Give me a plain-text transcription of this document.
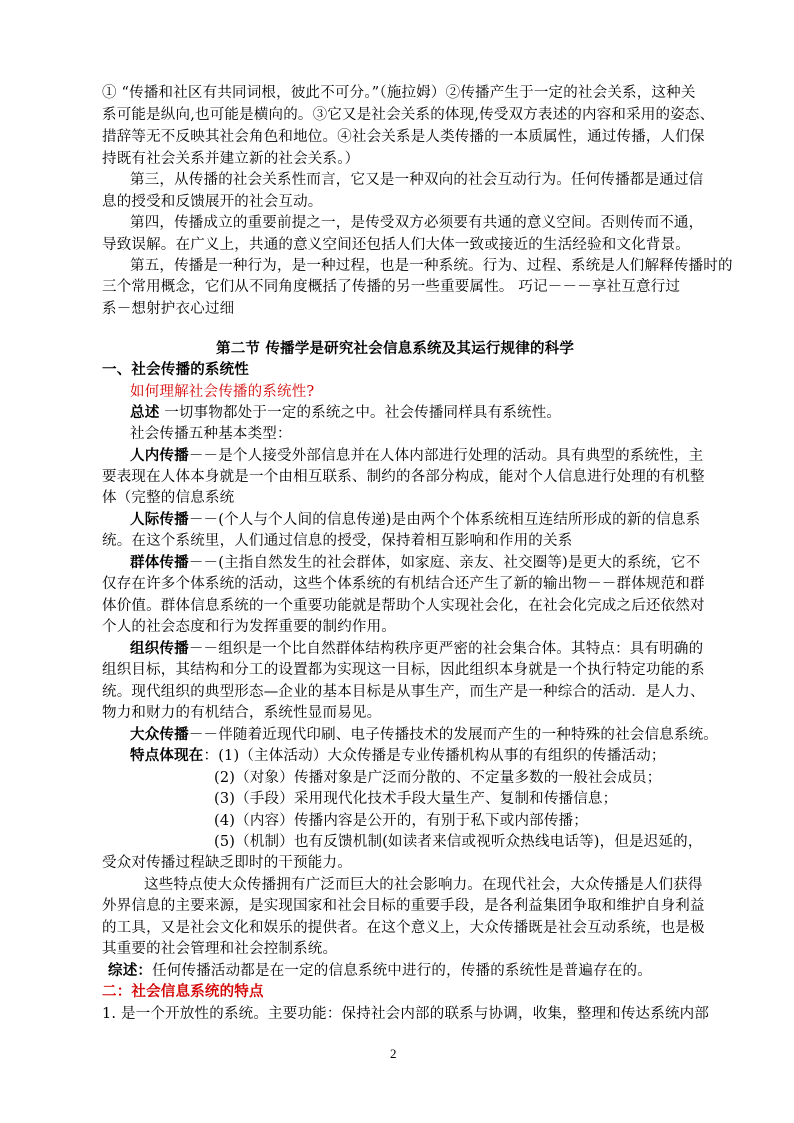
① “传播和社区有共同词根，彼此不可分。”（施拉姆）②传播产生于一定的社会关系，这种关
系可能是纵向,也可能是横向的。③它又是社会关系的体现,传受双方表述的内容和采用的姿态、
措辞等无不反映其社会角色和地位。④社会关系是人类传播的一本质属性，通过传播，人们保
持既有社会关系并建立新的社会关系。）
第三，从传播的社会关系性而言，它又是一种双向的社会互动行为。任何传播都是通过信
息的授受和反馈展开的社会互动。
第四，传播成立的重要前提之一，是传受双方必须要有共通的意义空间。否则传而不通，
导致误解。在广义上，共通的意义空间还包括人们大体一致或接近的生活经验和文化背景。
第五，传播是一种行为，是一种过程，也是一种系统。行为、过程、系统是人们解释传播时的
三个常用概念，它们从不同角度概括了传播的另一些重要属性。 巧记－－－享社互意行过
系－想射护衣心过细
第二节 传播学是研究社会信息系统及其运行规律的科学
一、社会传播的系统性
如何理解社会传播的系统性?
总述 一切事物都处于一定的系统之中。社会传播同样具有系统性。
社会传播五种基本类型：
人内传播－－是个人接受外部信息并在人体内部进行处理的活动。具有典型的系统性，主
要表现在人体本身就是一个由相互联系、制约的各部分构成，能对个人信息进行处理的有机整
体（完整的信息系统
人际传播－－(个人与个人间的信息传递)是由两个个体系统相互连结所形成的新的信息系
统。在这个系统里，人们通过信息的授受，保持着相互影响和作用的关系
群体传播－－(主指自然发生的社会群体，如家庭、亲友、社交圈等)是更大的系统，它不
仅存在许多个体系统的活动，这些个体系统的有机结合还产生了新的输出物－－群体规范和群
体价值。群体信息系统的一个重要功能就是帮助个人实现社会化，在社会化完成之后还依然对
个人的社会态度和行为发挥重要的制约作用。
组织传播－－组织是一个比自然群体结构秩序更严密的社会集合体。其特点：具有明确的
组织目标，其结构和分工的设置都为实现这一目标，因此组织本身就是一个执行特定功能的系
统。现代组织的典型形态—企业的基本目标是从事生产，而生产是一种综合的活动．是人力、
物力和财力的有机结合，系统性显而易见。
大众传播－－伴随着近现代印刷、电子传播技术的发展而产生的一种特殊的社会信息系统。
特点体现在：(1)（主体活动）大众传播是专业传播机构从事的有组织的传播活动；
(2)（对象）传播对象是广泛而分散的、不定量多数的一般社会成员；
(3)（手段）采用现代化技术手段大量生产、复制和传播信息；
(4)（内容）传播内容是公开的，有别于私下或内部传播；
(5)（机制）也有反馈机制(如读者来信或视听众热线电话等)，但是迟延的，
受众对传播过程缺乏即时的干预能力。
这些特点使大众传播拥有广泛而巨大的社会影响力。在现代社会，大众传播是人们获得
外界信息的主要来源，是实现国家和社会目标的重要手段，是各利益集团争取和维护自身利益
的工具，又是社会文化和娱乐的提供者。在这个意义上，大众传播既是社会互动系统，也是极
其重要的社会管理和社会控制系统。
综述：任何传播活动都是在一定的信息系统中进行的，传播的系统性是普遍存在的。
二：社会信息系统的特点
1. 是一个开放性的系统。主要功能：保持社会内部的联系与协调，收集，整理和传达系统内部
2
